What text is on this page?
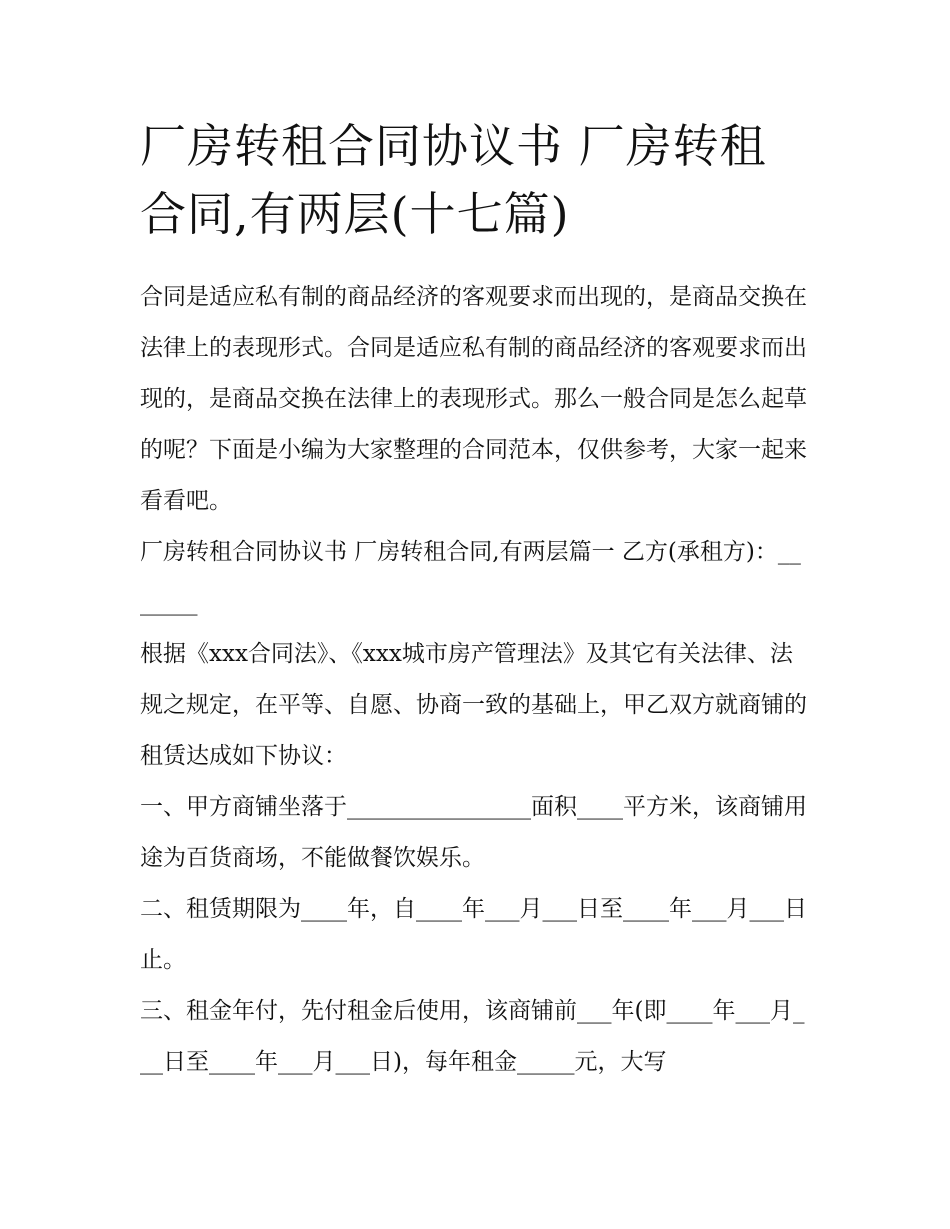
厂房转租合同协议书 厂房转租合同,有两层(十七篇)

合同是适应私有制的商品经济的客观要求而出现的，是商品交换在法律上的表现形式。合同是适应私有制的商品经济的客观要求而出现的，是商品交换在法律上的表现形式。那么一般合同是怎么起草的呢？下面是小编为大家整理的合同范本，仅供参考，大家一起来看看吧。

厂房转租合同协议书 厂房转租合同,有两层篇一 乙方(承租方)：_______

根据《xxx合同法》、《xxx城市房产管理法》及其它有关法律、法规之规定，在平等、自愿、协商一致的基础上，甲乙双方就商铺的租赁达成如下协议：

一、甲方商铺坐落于________________面积____平方米，该商铺用途为百货商场，不能做餐饮娱乐。

二、租赁期限为____年，自____年___月___日至____年___月___日止。

三、租金年付，先付租金后使用，该商铺前___年(即____年___月___日至____年___月___日)，每年租金_____元，大写
